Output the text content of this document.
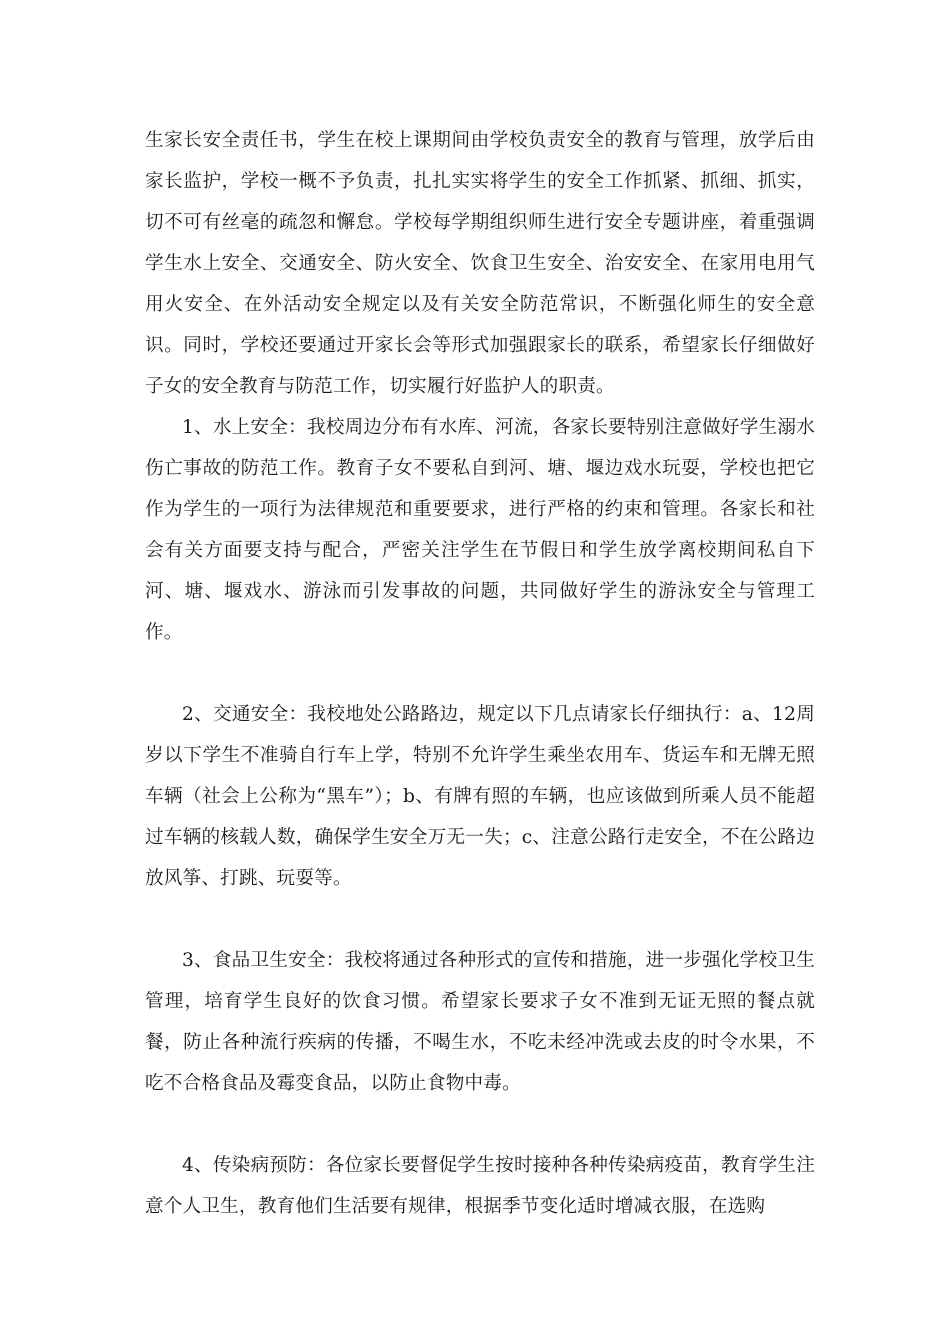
生家长安全责任书，学生在校上课期间由学校负责安全的教育与管理，放学后由家长监护，学校一概不予负责，扎扎实实将学生的安全工作抓紧、抓细、抓实，切不可有丝毫的疏忽和懈怠。学校每学期组织师生进行安全专题讲座，着重强调学生水上安全、交通安全、防火安全、饮食卫生安全、治安安全、在家用电用气用火安全、在外活动安全规定以及有关安全防范常识，不断强化师生的安全意识。同时，学校还要通过开家长会等形式加强跟家长的联系，希望家长仔细做好子女的安全教育与防范工作，切实履行好监护人的职责。

1、水上安全：我校周边分布有水库、河流，各家长要特别注意做好学生溺水伤亡事故的防范工作。教育子女不要私自到河、塘、堰边戏水玩耍，学校也把它作为学生的一项行为法律规范和重要要求，进行严格的约束和管理。各家长和社会有关方面要支持与配合，严密关注学生在节假日和学生放学离校期间私自下河、塘、堰戏水、游泳而引发事故的问题，共同做好学生的游泳安全与管理工作。

2、交通安全：我校地处公路路边，规定以下几点请家长仔细执行：a、12周岁以下学生不准骑自行车上学，特别不允许学生乘坐农用车、货运车和无牌无照车辆（社会上公称为“黑车”）；b、有牌有照的车辆，也应该做到所乘人员不能超过车辆的核载人数，确保学生安全万无一失；c、注意公路行走安全，不在公路边放风筝、打跳、玩耍等。

3、食品卫生安全：我校将通过各种形式的宣传和措施，进一步强化学校卫生管理，培育学生良好的饮食习惯。希望家长要求子女不准到无证无照的餐点就餐，防止各种流行疾病的传播，不喝生水，不吃未经冲洗或去皮的时令水果，不吃不合格食品及霉变食品，以防止食物中毒。

4、传染病预防：各位家长要督促学生按时接种各种传染病疫苗，教育学生注意个人卫生，教育他们生活要有规律，根据季节变化适时增减衣服，在选购
